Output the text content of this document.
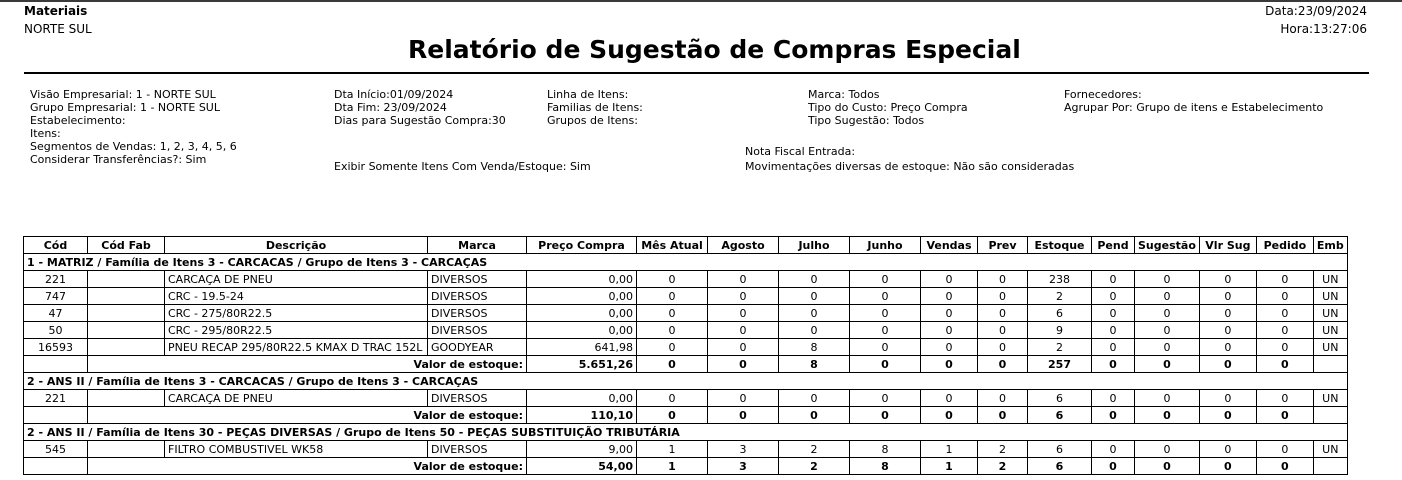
Materiais
NORTE SUL
Data:23/09/2024
Hora:13:27:06
Relatório de Sugestão de Compras Especial
Visão Empresarial: 1 - NORTE SUL
Grupo Empresarial: 1 - NORTE SUL
Estabelecimento:
Itens:
Segmentos de Vendas: 1, 2, 3, 4, 5, 6
Considerar Transferências?: Sim
Dta Início:01/09/2024
Dta Fim: 23/09/2024
Dias para Sugestão Compra:30
Linha de Itens:
Familias de Itens:
Grupos de Itens:
Marca: Todos
Tipo do Custo: Preço Compra
Tipo Sugestão: Todos
Fornecedores:
Agrupar Por: Grupo de itens e Estabelecimento
Exibir Somente Itens Com Venda/Estoque: Sim
Nota Fiscal Entrada:
Movimentações diversas de estoque: Não são consideradas
Cód	Cód Fab	Descrição	Marca	Preço Compra	Mês Atual	Agosto	Julho	Junho	Vendas	Prev	Estoque	Pend	Sugestão	Vlr Sug	Pedido	Emb
1 - MATRIZ / Família de Itens 3 - CARCACAS / Grupo de Itens 3 - CARCAÇAS																
221		CARCAÇA DE PNEU	DIVERSOS	0,00	0	0	0	0	0	0	238	0	0	0	0	UN
747		CRC - 19.5-24	DIVERSOS	0,00	0	0	0	0	0	0	2	0	0	0	0	UN
47		CRC - 275/80R22.5	DIVERSOS	0,00	0	0	0	0	0	0	6	0	0	0	0	UN
50		CRC - 295/80R22.5	DIVERSOS	0,00	0	0	0	0	0	0	9	0	0	0	0	UN
16593		PNEU RECAP 295/80R22.5 KMAX D TRAC 152L	GOODYEAR	641,98	0	0	8	0	0	0	2	0	0	0	0	UN
	Valor de estoque:			5.651,26	0	0	8	0	0	0	257	0	0	0	0	
2 - ANS II / Família de Itens 3 - CARCACAS / Grupo de Itens 3 - CARCAÇAS																
221		CARCAÇA DE PNEU	DIVERSOS	0,00	0	0	0	0	0	0	6	0	0	0	0	UN
	Valor de estoque:			110,10	0	0	0	0	0	0	6	0	0	0	0	
2 - ANS II / Família de Itens 30 - PEÇAS DIVERSAS / Grupo de Itens 50 - PEÇAS SUBSTITUIÇÃO TRIBUTÁRIA																
545		FILTRO COMBUSTIVEL WK58	DIVERSOS	9,00	1	3	2	8	1	2	6	0	0	0	0	UN
	Valor de estoque:			54,00	1	3	2	8	1	2	6	0	0	0	0	
